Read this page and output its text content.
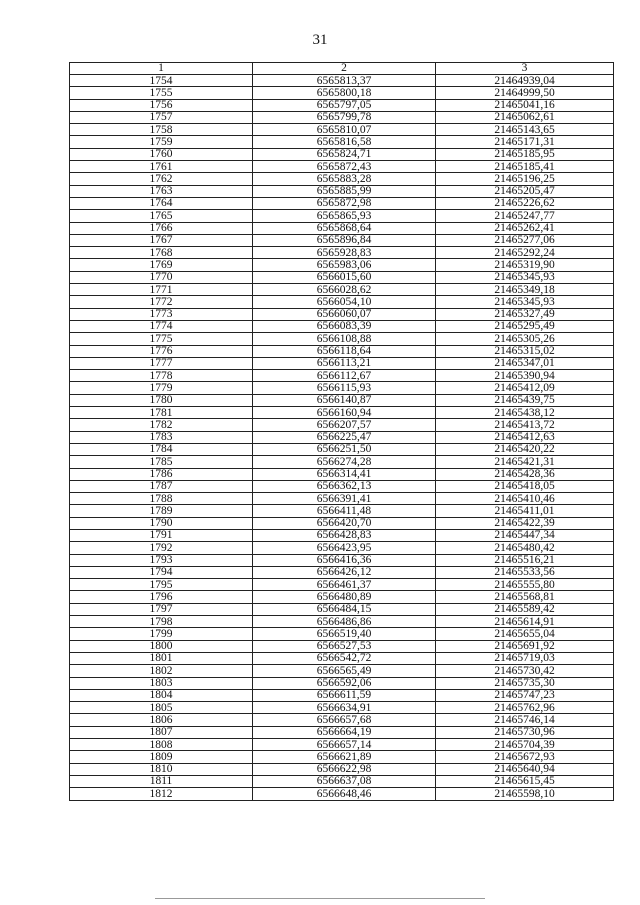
31
1	2	3
1754	6565813,37	21464939,04
1755	6565800,18	21464999,50
1756	6565797,05	21465041,16
1757	6565799,78	21465062,61
1758	6565810,07	21465143,65
1759	6565816,58	21465171,31
1760	6565824,71	21465185,95
1761	6565872,43	21465185,41
1762	6565883,28	21465196,25
1763	6565885,99	21465205,47
1764	6565872,98	21465226,62
1765	6565865,93	21465247,77
1766	6565868,64	21465262,41
1767	6565896,84	21465277,06
1768	6565928,83	21465292,24
1769	6565983,06	21465319,90
1770	6566015,60	21465345,93
1771	6566028,62	21465349,18
1772	6566054,10	21465345,93
1773	6566060,07	21465327,49
1774	6566083,39	21465295,49
1775	6566108,88	21465305,26
1776	6566118,64	21465315,02
1777	6566113,21	21465347,01
1778	6566112,67	21465390,94
1779	6566115,93	21465412,09
1780	6566140,87	21465439,75
1781	6566160,94	21465438,12
1782	6566207,57	21465413,72
1783	6566225,47	21465412,63
1784	6566251,50	21465420,22
1785	6566274,28	21465421,31
1786	6566314,41	21465428,36
1787	6566362,13	21465418,05
1788	6566391,41	21465410,46
1789	6566411,48	21465411,01
1790	6566420,70	21465422,39
1791	6566428,83	21465447,34
1792	6566423,95	21465480,42
1793	6566416,36	21465516,21
1794	6566426,12	21465533,56
1795	6566461,37	21465555,80
1796	6566480,89	21465568,81
1797	6566484,15	21465589,42
1798	6566486,86	21465614,91
1799	6566519,40	21465655,04
1800	6566527,53	21465691,92
1801	6566542,72	21465719,03
1802	6566565,49	21465730,42
1803	6566592,06	21465735,30
1804	6566611,59	21465747,23
1805	6566634,91	21465762,96
1806	6566657,68	21465746,14
1807	6566664,19	21465730,96
1808	6566657,14	21465704,39
1809	6566621,89	21465672,93
1810	6566622,98	21465640,94
1811	6566637,08	21465615,45
1812	6566648,46	21465598,10
